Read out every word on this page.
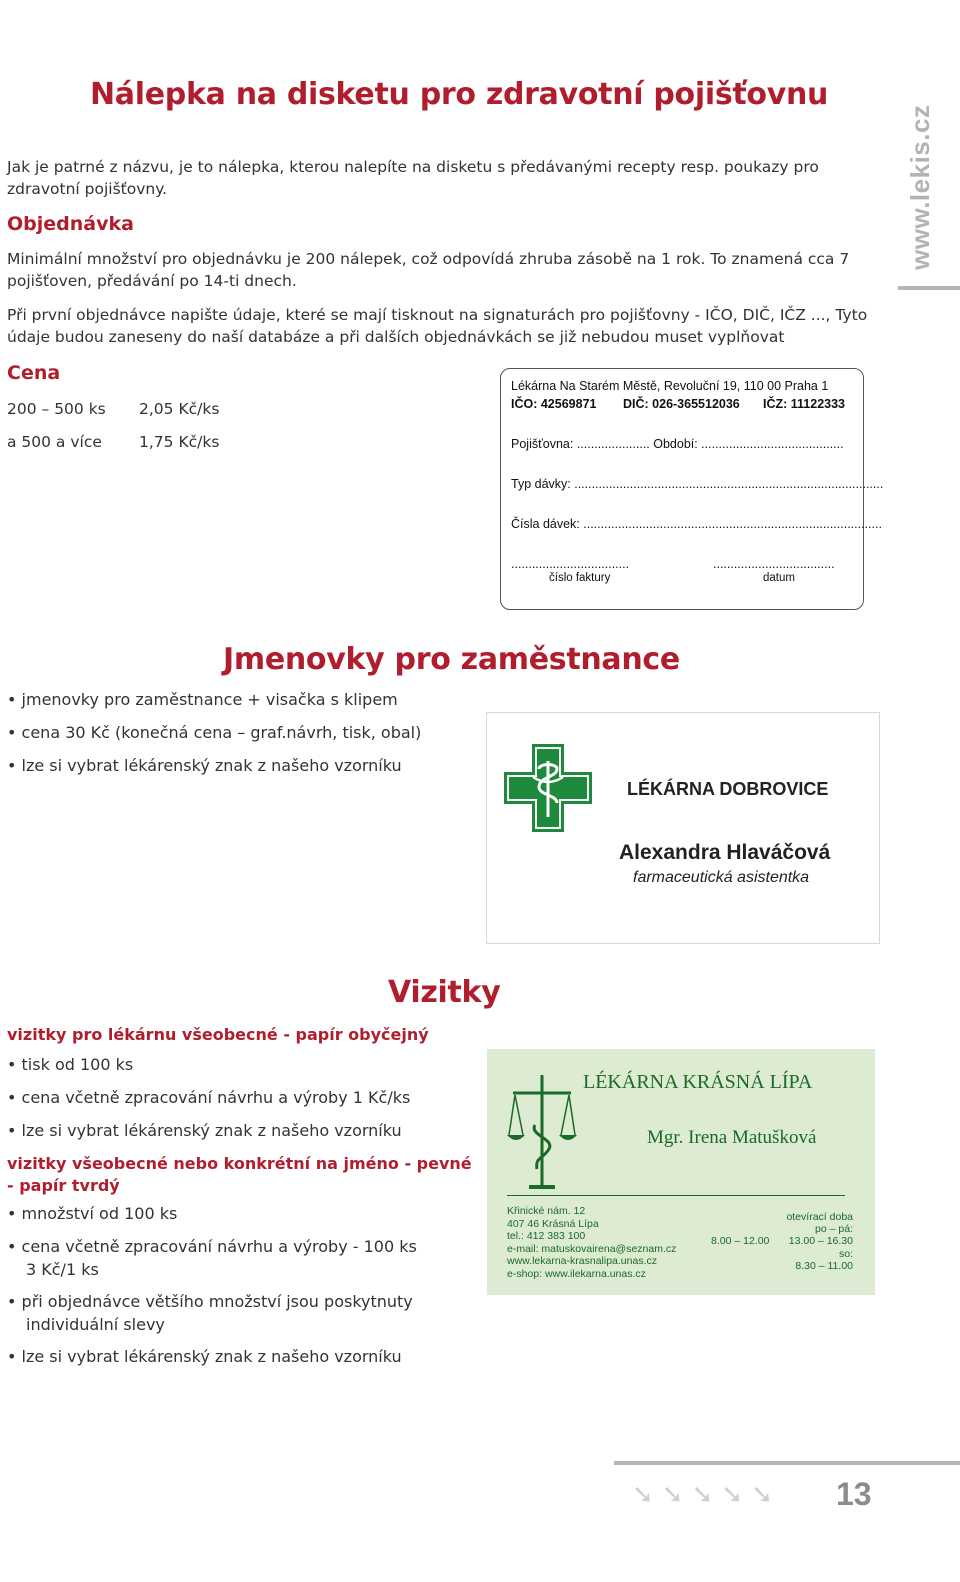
www.lekis.cz
Nálepka na disketu pro zdravotní pojišťovnu
Jak je patrné z názvu, je to nálepka, kterou nalepíte na disketu s předávanými recepty resp. poukazy pro zdravotní pojišťovny.
Objednávka
Minimální množství pro objednávku je 200 nálepek, což odpovídá zhruba zásobě na 1 rok. To znamená cca 7 pojišťoven, předávání po 14-ti dnech.
Při první objednávce napište údaje, které se mají tisknout na signaturách pro pojišťovny - IČO, DIČ, IČZ ..., Tyto údaje budou zaneseny do naší databáze a při dalších objednávkách se již nebudou muset vyplňovat
Cena
200 – 500 ks 2,05 Kč/ks
a 500 a více 1,75 Kč/ks
Lékárna Na Starém Městě, Revoluční 19, 110 00 Praha 1
IČO: 42569871 DIČ: 026-365512036 IČZ: 11122333
Pojišťovna: ..................... Období: .........................................
Typ dávky: .........................................................................................
Čísla dávek: ......................................................................................
..................................	...................................
číslo faktury	datum
Jmenovky pro zaměstnance
• jmenovky pro zaměstnance + visačka s klipem
• cena 30 Kč (konečná cena – graf.návrh, tisk, obal)
• lze si vybrat lékárenský znak z našeho vzorníku
LÉKÁRNA DOBROVICE
Alexandra Hlaváčová
farmaceutická asistentka
Vizitky
vizitky pro lékárnu všeobecné - papír obyčejný
• tisk od 100 ks
• cena včetně zpracování návrhu a výroby 1 Kč/ks
• lze si vybrat lékárenský znak z našeho vzorníku
vizitky všeobecné nebo konkrétní na jméno - pevné
- papír tvrdý
• množství od 100 ks
• cena včetně zpracování návrhu a výroby - 100 ks
3 Kč/1 ks
• při objednávce většího množství jsou poskytnuty
individuální slevy
• lze si vybrat lékárenský znak z našeho vzorníku
LÉKÁRNA KRÁSNÁ LÍPA
Mgr. Irena Matušková
Křinické nám. 12
407 46 Krásná Lípa
tel.: 412 383 100
e-mail: matuskovairena@seznam.cz
www.lekarna-krasnalipa.unas.cz
e-shop: www.ilekarna.unas.cz
otevírací doba
po – pá:
8.00 – 12.00 13.00 – 16.30
so:
8.30 – 11.00
➘➘➘➘➘ 13
